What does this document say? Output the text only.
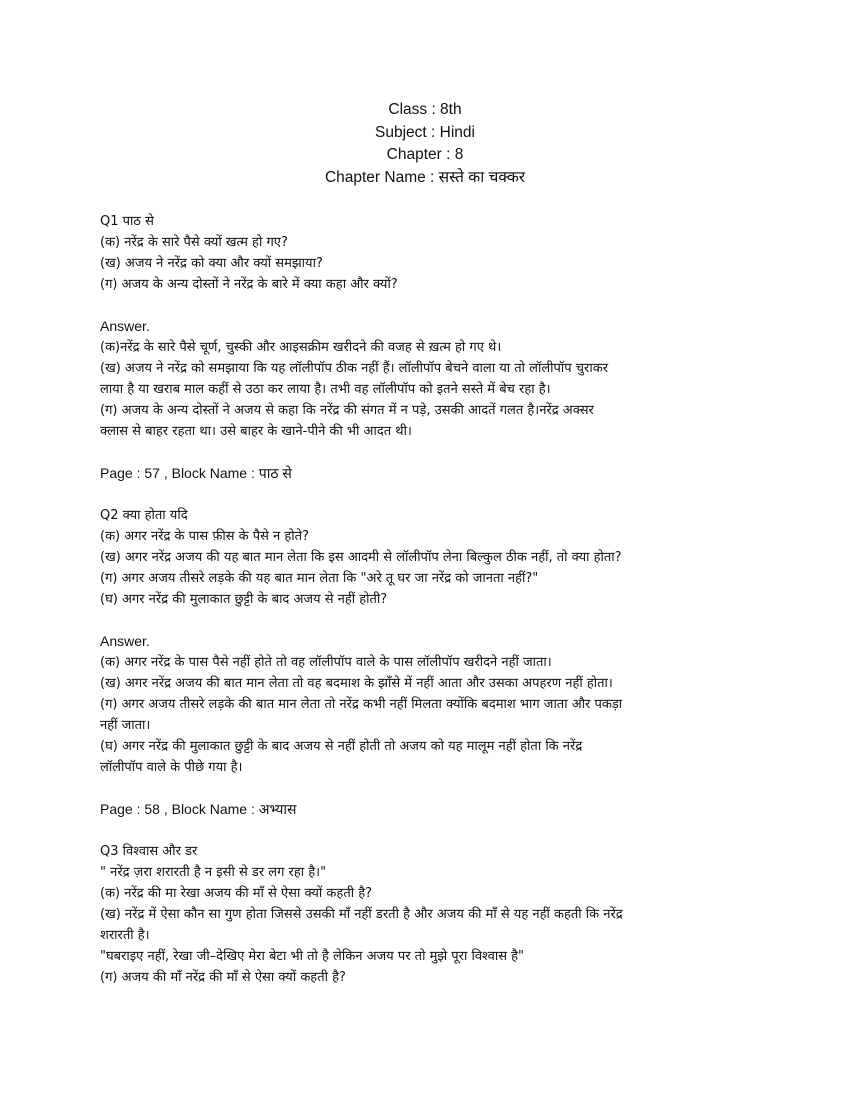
Class : 8th
Subject : Hindi
Chapter : 8
Chapter Name : सस्ते का चक्कर
Q1 पाठ से
(क) नरेंद्र के सारे पैसे क्यों खत्म हो गए?
(ख) अजय ने नरेंद्र को क्या और क्यों समझाया?
(ग) अजय के अन्य दोस्तों ने नरेंद्र के बारे में क्या कहा और क्यों?
Answer.
(क)नरेंद्र के सारे पैसे चूर्ण, चुस्की और आइसक्रीम खरीदने की वजह से ख़त्म हो गए थे।
(ख) अजय ने नरेंद्र को समझाया कि यह लॉलीपॉप ठीक नहीं हैं। लॉलीपॉप बेचने वाला या तो लॉलीपॉप चुराकर
लाया है या खराब माल कहीं से उठा कर लाया है। तभी वह लॉलीपॉप को इतने सस्ते में बेच रहा है।
(ग) अजय के अन्य दोस्तों ने अजय से कहा कि नरेंद्र की संगत में न पड़े, उसकी आदतें गलत है।नरेंद्र अक्सर
क्लास से बाहर रहता था। उसे बाहर के खाने-पीने की भी आदत थी।
Page : 57 , Block Name : पाठ से
Q2 क्या होता यदि
(क) अगर नरेंद्र के पास फ़ीस के पैसे न होते?
(ख) अगर नरेंद्र अजय की यह बात मान लेता कि इस आदमी से लॉलीपॉप लेना बिल्कुल ठीक नहीं, तो क्या होता?
(ग) अगर अजय तीसरे लड़के की यह बात मान लेता कि "अरे तू घर जा नरेंद्र को जानता नहीं?"
(घ) अगर नरेंद्र की मुलाकात छुट्टी के बाद अजय से नहीं होती?
Answer.
(क) अगर नरेंद्र के पास पैसे नहीं होते तो वह लॉलीपॉप वाले के पास लॉलीपॉप खरीदने नहीं जाता।
(ख) अगर नरेंद्र अजय की बात मान लेता तो वह बदमाश के झाँसे में नहीं आता और उसका अपहरण नहीं होता।
(ग) अगर अजय तीसरे लड़के की बात मान लेता तो नरेंद्र कभी नहीं मिलता क्योंकि बदमाश भाग जाता और पकड़ा
नहीं जाता।
(घ) अगर नरेंद्र की मुलाकात छुट्टी के बाद अजय से नहीं होती तो अजय को यह मालूम नहीं होता कि नरेंद्र
लॉलीपॉप वाले के पीछे गया है।
Page : 58 , Block Name : अभ्यास
Q3 विश्वास और डर
" नरेंद्र ज़रा शरारती है न इसी से डर लग रहा है।"
(क) नरेंद्र की मा रेखा अजय की माँ से ऐसा क्यों कहती है?
(ख) नरेंद्र में ऐसा कौन सा गुण होता जिससे उसकी माँ नहीं डरती है और अजय की माँ से यह नहीं कहती कि नरेंद्र
शरारती है।
"घबराइए नहीं, रेखा जी–देखिए मेरा बेटा भी तो है लेकिन अजय पर तो मुझे पूरा विश्वास है"
(ग) अजय की माँ नरेंद्र की माँ से ऐसा क्यों कहती है?
